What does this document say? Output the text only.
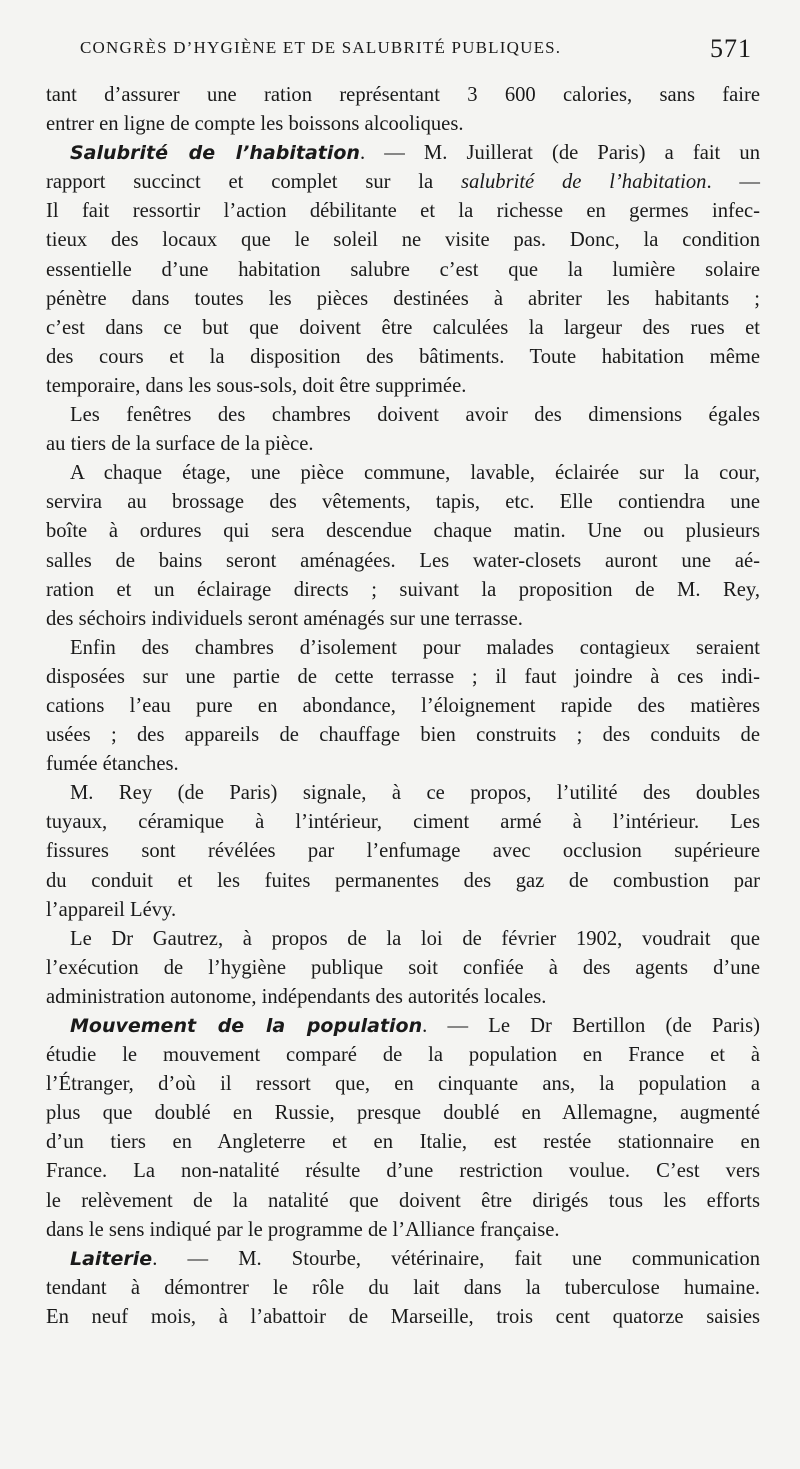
CONGRÈS D’HYGIÈNE ET DE SALUBRITÉ PUBLIQUES.	571
tant d’assurer une ration représentant 3 600 calories, sans faire
entrer en ligne de compte les boissons alcooliques.
Salubrité de l’habitation. — M. Juillerat (de Paris) a fait un
rapport succinct et complet sur la salubrité de l’habitation. —
Il fait ressortir l’action débilitante et la richesse en germes infec-
tieux des locaux que le soleil ne visite pas. Donc, la condition
essentielle d’une habitation salubre c’est que la lumière solaire
pénètre dans toutes les pièces destinées à abriter les habitants ;
c’est dans ce but que doivent être calculées la largeur des rues et
des cours et la disposition des bâtiments. Toute habitation même
temporaire, dans les sous-sols, doit être supprimée.
Les fenêtres des chambres doivent avoir des dimensions égales
au tiers de la surface de la pièce.
A chaque étage, une pièce commune, lavable, éclairée sur la cour,
servira au brossage des vêtements, tapis, etc. Elle contiendra une
boîte à ordures qui sera descendue chaque matin. Une ou plusieurs
salles de bains seront aménagées. Les water-closets auront une aé-
ration et un éclairage directs ; suivant la proposition de M. Rey,
des séchoirs individuels seront aménagés sur une terrasse.
Enfin des chambres d’isolement pour malades contagieux seraient
disposées sur une partie de cette terrasse ; il faut joindre à ces indi-
cations l’eau pure en abondance, l’éloignement rapide des matières
usées ; des appareils de chauffage bien construits ; des conduits de
fumée étanches.
M. Rey (de Paris) signale, à ce propos, l’utilité des doubles
tuyaux, céramique à l’intérieur, ciment armé à l’intérieur. Les
fissures sont révélées par l’enfumage avec occlusion supérieure
du conduit et les fuites permanentes des gaz de combustion par
l’appareil Lévy.
Le Dr Gautrez, à propos de la loi de février 1902, voudrait que
l’exécution de l’hygiène publique soit confiée à des agents d’une
administration autonome, indépendants des autorités locales.
Mouvement de la population. — Le Dr Bertillon (de Paris)
étudie le mouvement comparé de la population en France et à
l’Étranger, d’où il ressort que, en cinquante ans, la population a
plus que doublé en Russie, presque doublé en Allemagne, augmenté
d’un tiers en Angleterre et en Italie, est restée stationnaire en
France. La non-natalité résulte d’une restriction voulue. C’est vers
le relèvement de la natalité que doivent être dirigés tous les efforts
dans le sens indiqué par le programme de l’Alliance française.
Laiterie. — M. Stourbe, vétérinaire, fait une communication
tendant à démontrer le rôle du lait dans la tuberculose humaine.
En neuf mois, à l’abattoir de Marseille, trois cent quatorze saisies
